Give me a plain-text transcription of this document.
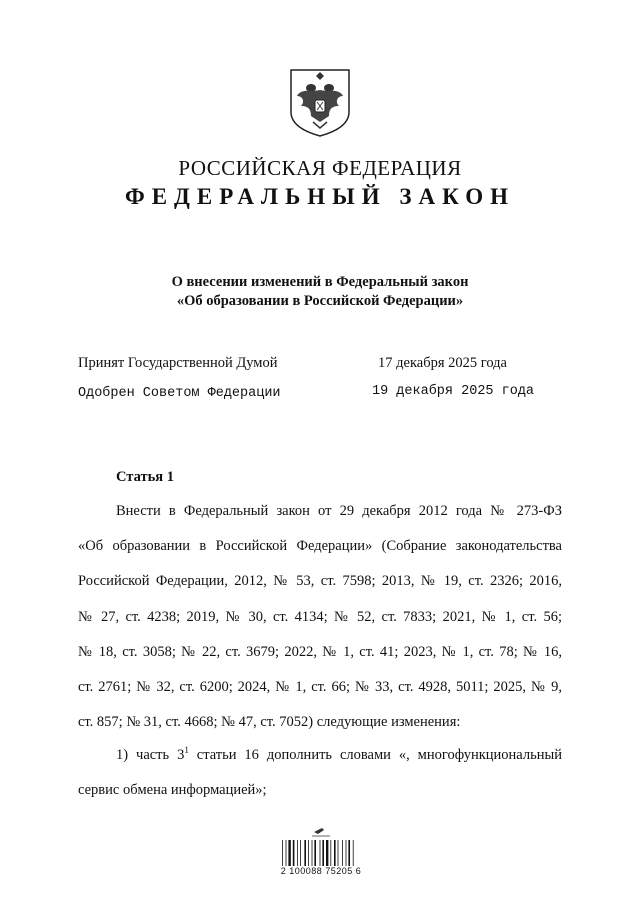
РОССИЙСКАЯ ФЕДЕРАЦИЯ
ФЕДЕРАЛЬНЫЙ ЗАКОН
О внесении изменений в Федеральный закон
«Об образовании в Российской Федерации»
Принят Государственной Думой	17 декабря 2025 года
Одобрен Советом Федерации	19 декабря 2025 года
Статья 1
Внести в Федеральный закон от 29 декабря 2012 года № 273-ФЗ
«Об образовании в Российской Федерации» (Собрание законодательства
Российской Федерации, 2012, № 53, ст. 7598; 2013, № 19, ст. 2326; 2016,
№ 27, ст. 4238; 2019, № 30, ст. 4134; № 52, ст. 7833; 2021, № 1, ст. 56;
№ 18, ст. 3058; № 22, ст. 3679; 2022, № 1, ст. 41; 2023, № 1, ст. 78; № 16,
ст. 2761; № 32, ст. 6200; 2024, № 1, ст. 66; № 33, ст. 4928, 5011; 2025, № 9,
ст. 857; № 31, ст. 4668; № 47, ст. 7052) следующие изменения:
1) часть $3^1$ статьи 16 дополнить словами «, многофункциональный
сервис обмена информацией»;
2 100088 75205 6
